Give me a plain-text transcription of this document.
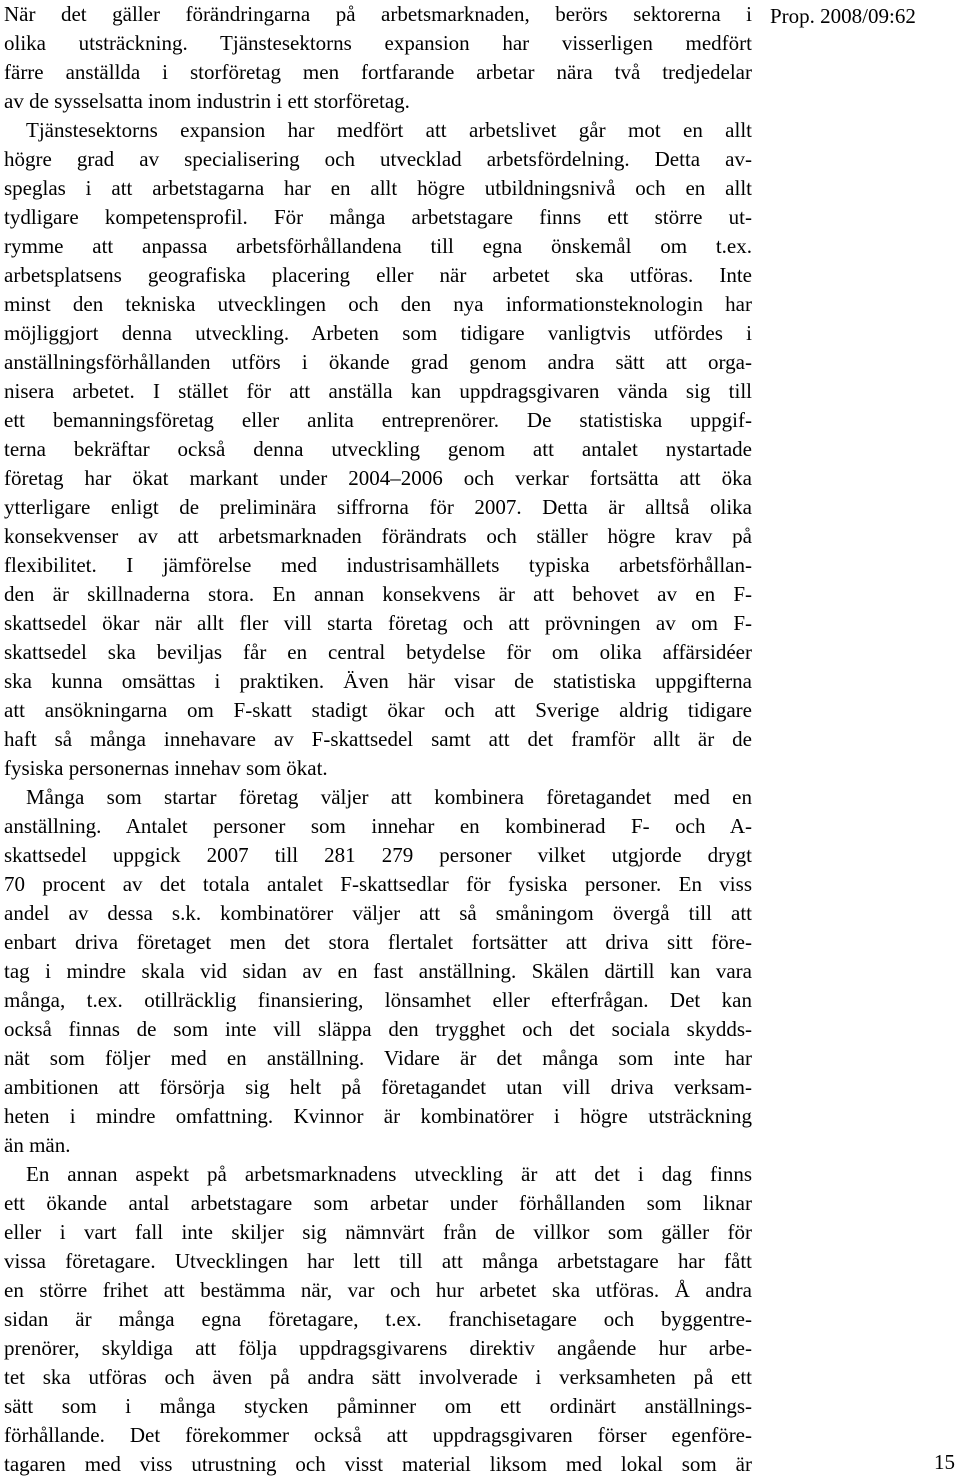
Prop. 2008/09:62
När det gäller förändringarna på arbetsmarknaden, berörs sektorerna i
olika utsträckning. Tjänstesektorns expansion har visserligen medfört
färre anställda i storföretag men fortfarande arbetar nära två tredjedelar
av de sysselsatta inom industrin i ett storföretag.
Tjänstesektorns expansion har medfört att arbetslivet går mot en allt
högre grad av specialisering och utvecklad arbetsfördelning. Detta av-
speglas i att arbetstagarna har en allt högre utbildningsnivå och en allt
tydligare kompetensprofil. För många arbetstagare finns ett större ut-
rymme att anpassa arbetsförhållandena till egna önskemål om t.ex.
arbetsplatsens geografiska placering eller när arbetet ska utföras. Inte
minst den tekniska utvecklingen och den nya informationsteknologin har
möjliggjort denna utveckling. Arbeten som tidigare vanligtvis utfördes i
anställningsförhållanden utförs i ökande grad genom andra sätt att orga-
nisera arbetet. I stället för att anställa kan uppdragsgivaren vända sig till
ett bemanningsföretag eller anlita entreprenörer. De statistiska uppgif-
terna bekräftar också denna utveckling genom att antalet nystartade
företag har ökat markant under 2004–2006 och verkar fortsätta att öka
ytterligare enligt de preliminära siffrorna för 2007. Detta är alltså olika
konsekvenser av att arbetsmarknaden förändrats och ställer högre krav på
flexibilitet. I jämförelse med industrisamhällets typiska arbetsförhållan-
den är skillnaderna stora. En annan konsekvens är att behovet av en F-
skattsedel ökar när allt fler vill starta företag och att prövningen av om F-
skattsedel ska beviljas får en central betydelse för om olika affärsidéer
ska kunna omsättas i praktiken. Även här visar de statistiska uppgifterna
att ansökningarna om F-skatt stadigt ökar och att Sverige aldrig tidigare
haft så många innehavare av F-skattsedel samt att det framför allt är de
fysiska personernas innehav som ökat.
Många som startar företag väljer att kombinera företagandet med en
anställning. Antalet personer som innehar en kombinerad F- och A-
skattsedel uppgick 2007 till 281 279 personer vilket utgjorde drygt
70 procent av det totala antalet F-skattsedlar för fysiska personer. En viss
andel av dessa s.k. kombinatörer väljer att så småningom övergå till att
enbart driva företaget men det stora flertalet fortsätter att driva sitt före-
tag i mindre skala vid sidan av en fast anställning. Skälen därtill kan vara
många, t.ex. otillräcklig finansiering, lönsamhet eller efterfrågan. Det kan
också finnas de som inte vill släppa den trygghet och det sociala skydds-
nät som följer med en anställning. Vidare är det många som inte har
ambitionen att försörja sig helt på företagandet utan vill driva verksam-
heten i mindre omfattning. Kvinnor är kombinatörer i högre utsträckning
än män.
En annan aspekt på arbetsmarknadens utveckling är att det i dag finns
ett ökande antal arbetstagare som arbetar under förhållanden som liknar
eller i vart fall inte skiljer sig nämnvärt från de villkor som gäller för
vissa företagare. Utvecklingen har lett till att många arbetstagare har fått
en större frihet att bestämma när, var och hur arbetet ska utföras. Å andra
sidan är många egna företagare, t.ex. franchisetagare och byggentre-
prenörer, skyldiga att följa uppdragsgivarens direktiv angående hur arbe-
tet ska utföras och även på andra sätt involverade i verksamheten på ett
sätt som i många stycken påminner om ett ordinärt anställnings-
förhållande. Det förekommer också att uppdragsgivaren förser egenföre-
tagaren med viss utrustning och visst material liksom med lokal som är	15
